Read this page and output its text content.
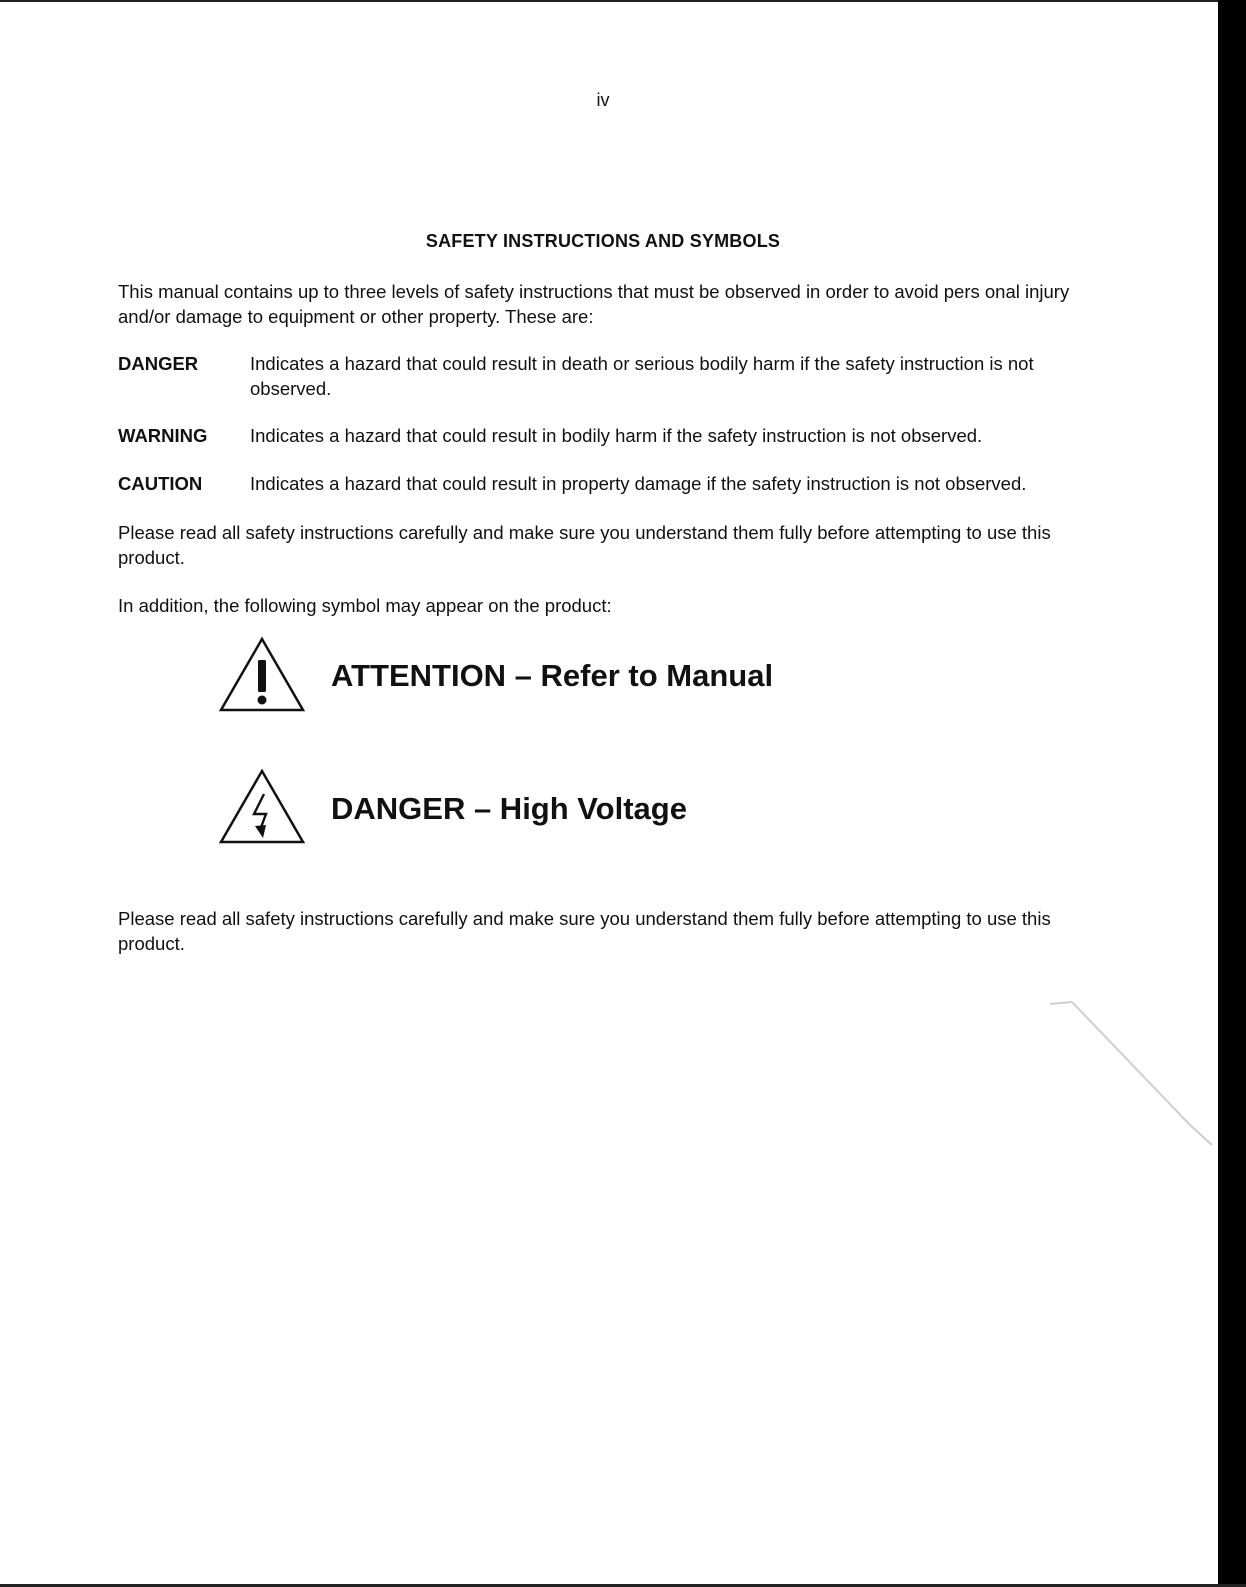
iv
SAFETY INSTRUCTIONS AND SYMBOLS

This manual contains up to three levels of safety instructions that must be observed in order to avoid pers onal injury and/or damage to equipment or other property. These are:

DANGER	Indicates a hazard that could result in death or serious bodily harm if the safety instruction is not observed.
WARNING	Indicates a hazard that could result in bodily harm if the safety instruction is not observed.
CAUTION	Indicates a hazard that could result in property damage if the safety instruction is not observed.

Please read all safety instructions carefully and make sure you understand them fully before attempting to use this product.

In addition, the following symbol may appear on the product:

ATTENTION – Refer to Manual
DANGER – High Voltage

Please read all safety instructions carefully and make sure you understand them fully before attempting to use this product.
